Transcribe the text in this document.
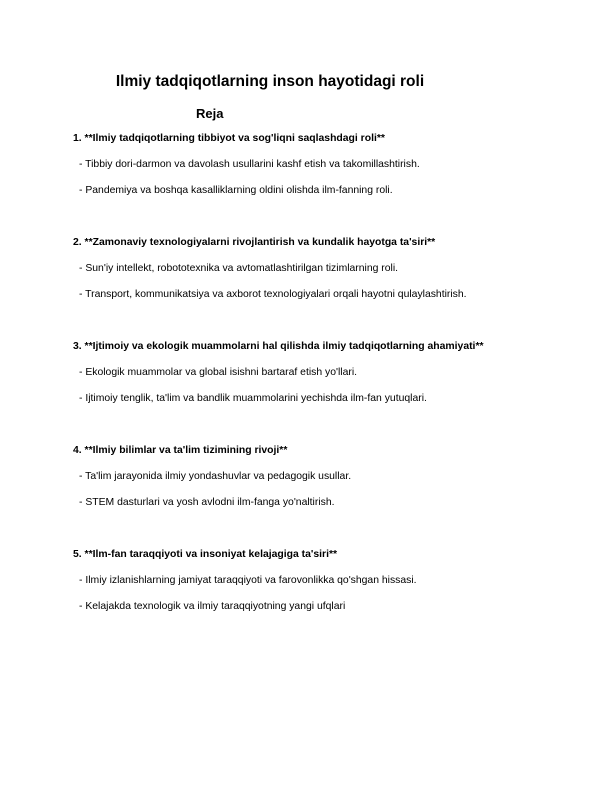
Ilmiy tadqiqotlarning inson hayotidagi roli
Reja
1. **Ilmiy tadqiqotlarning tibbiyot va sog'liqni saqlashdagi roli**
- Tibbiy dori-darmon va davolash usullarini kashf etish va takomillashtirish.
- Pandemiya va boshqa kasalliklarning oldini olishda ilm-fanning roli.
2. **Zamonaviy texnologiyalarni rivojlantirish va kundalik hayotga ta'siri**
- Sun'iy intellekt, robototexnika va avtomatlashtirilgan tizimlarning roli.
- Transport, kommunikatsiya va axborot texnologiyalari orqali hayotni qulaylashtirish.
3. **Ijtimoiy va ekologik muammolarni hal qilishda ilmiy tadqiqotlarning ahamiyati**
- Ekologik muammolar va global isishni bartaraf etish yo'llari.
- Ijtimoiy tenglik, ta'lim va bandlik muammolarini yechishda ilm-fan yutuqlari.
4. **Ilmiy bilimlar va ta'lim tizimining rivoji**
- Ta'lim jarayonida ilmiy yondashuvlar va pedagogik usullar.
- STEM dasturlari va yosh avlodni ilm-fanga yo'naltirish.
5. **Ilm-fan taraqqiyoti va insoniyat kelajagiga ta'siri**
- Ilmiy izlanishlarning jamiyat taraqqiyoti va farovonlikka qo'shgan hissasi.
- Kelajakda texnologik va ilmiy taraqqiyotning yangi ufqlari
